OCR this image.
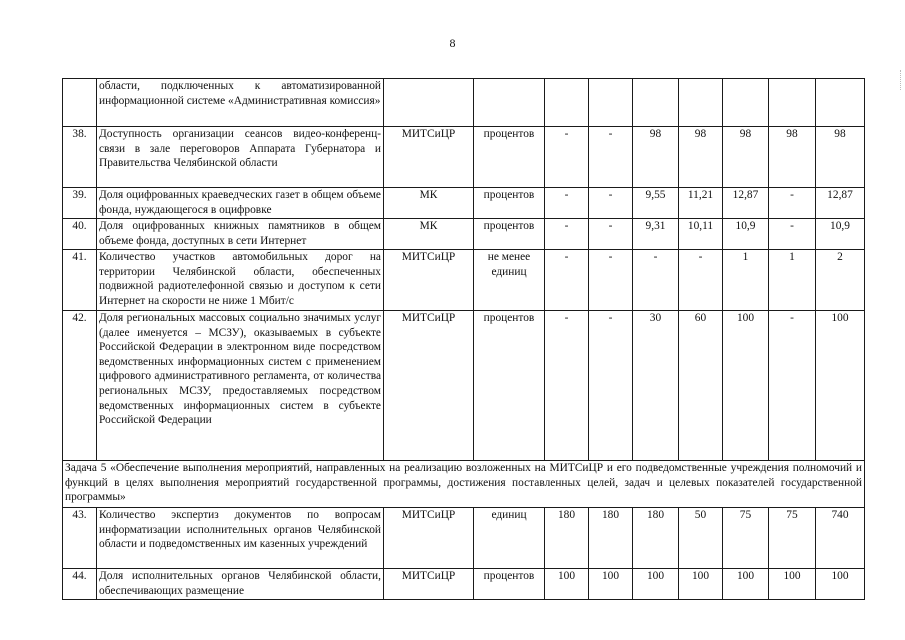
8
	области, подключенных к автоматизированной информационной системе «Административная комиссия»									
38.	Доступность организации сеансов видео-конференц-связи в зале переговоров Аппарата Губернатора и Правительства Челябинской области	МИТСиЦР	процентов	-	-	98	98	98	98	98
39.	Доля оцифрованных краеведческих газет в общем объеме фонда, нуждающегося в оцифровке	МК	процентов	-	-	9,55	11,21	12,87	-	12,87
40.	Доля оцифрованных книжных памятников в общем объеме фонда, доступных в сети Интернет	МК	процентов	-	-	9,31	10,11	10,9	-	10,9
41.	Количество участков автомобильных дорог на территории Челябинской области, обеспеченных подвижной радиотелефонной связью и доступом к сети Интернет на скорости не ниже 1 Мбит/с	МИТСиЦР	не менее единиц	-	-	-	-	1	1	2
42.	Доля региональных массовых социально значимых услуг (далее именуется – МСЗУ), оказываемых в субъекте Российской Федерации в электронном виде посредством ведомственных информационных систем с применением цифрового административного регламента, от количества региональных МСЗУ, предоставляемых посредством ведомственных информационных систем в субъекте Российской Федерации	МИТСиЦР	процентов	-	-	30	60	100	-	100
Задача 5 «Обеспечение выполнения мероприятий, направленных на реализацию возложенных на МИТСиЦР и его подведомственные учреждения полномочий и функций в целях выполнения мероприятий государственной программы, достижения поставленных целей, задач и целевых показателей государственной программы»										
43.	Количество экспертиз документов по вопросам информатизации исполнительных органов Челябинской области и подведомственных им казенных учреждений	МИТСиЦР	единиц	180	180	180	50	75	75	740
44.	Доля исполнительных органов Челябинской области, обеспечивающих размещение	МИТСиЦР	процентов	100	100	100	100	100	100	100
